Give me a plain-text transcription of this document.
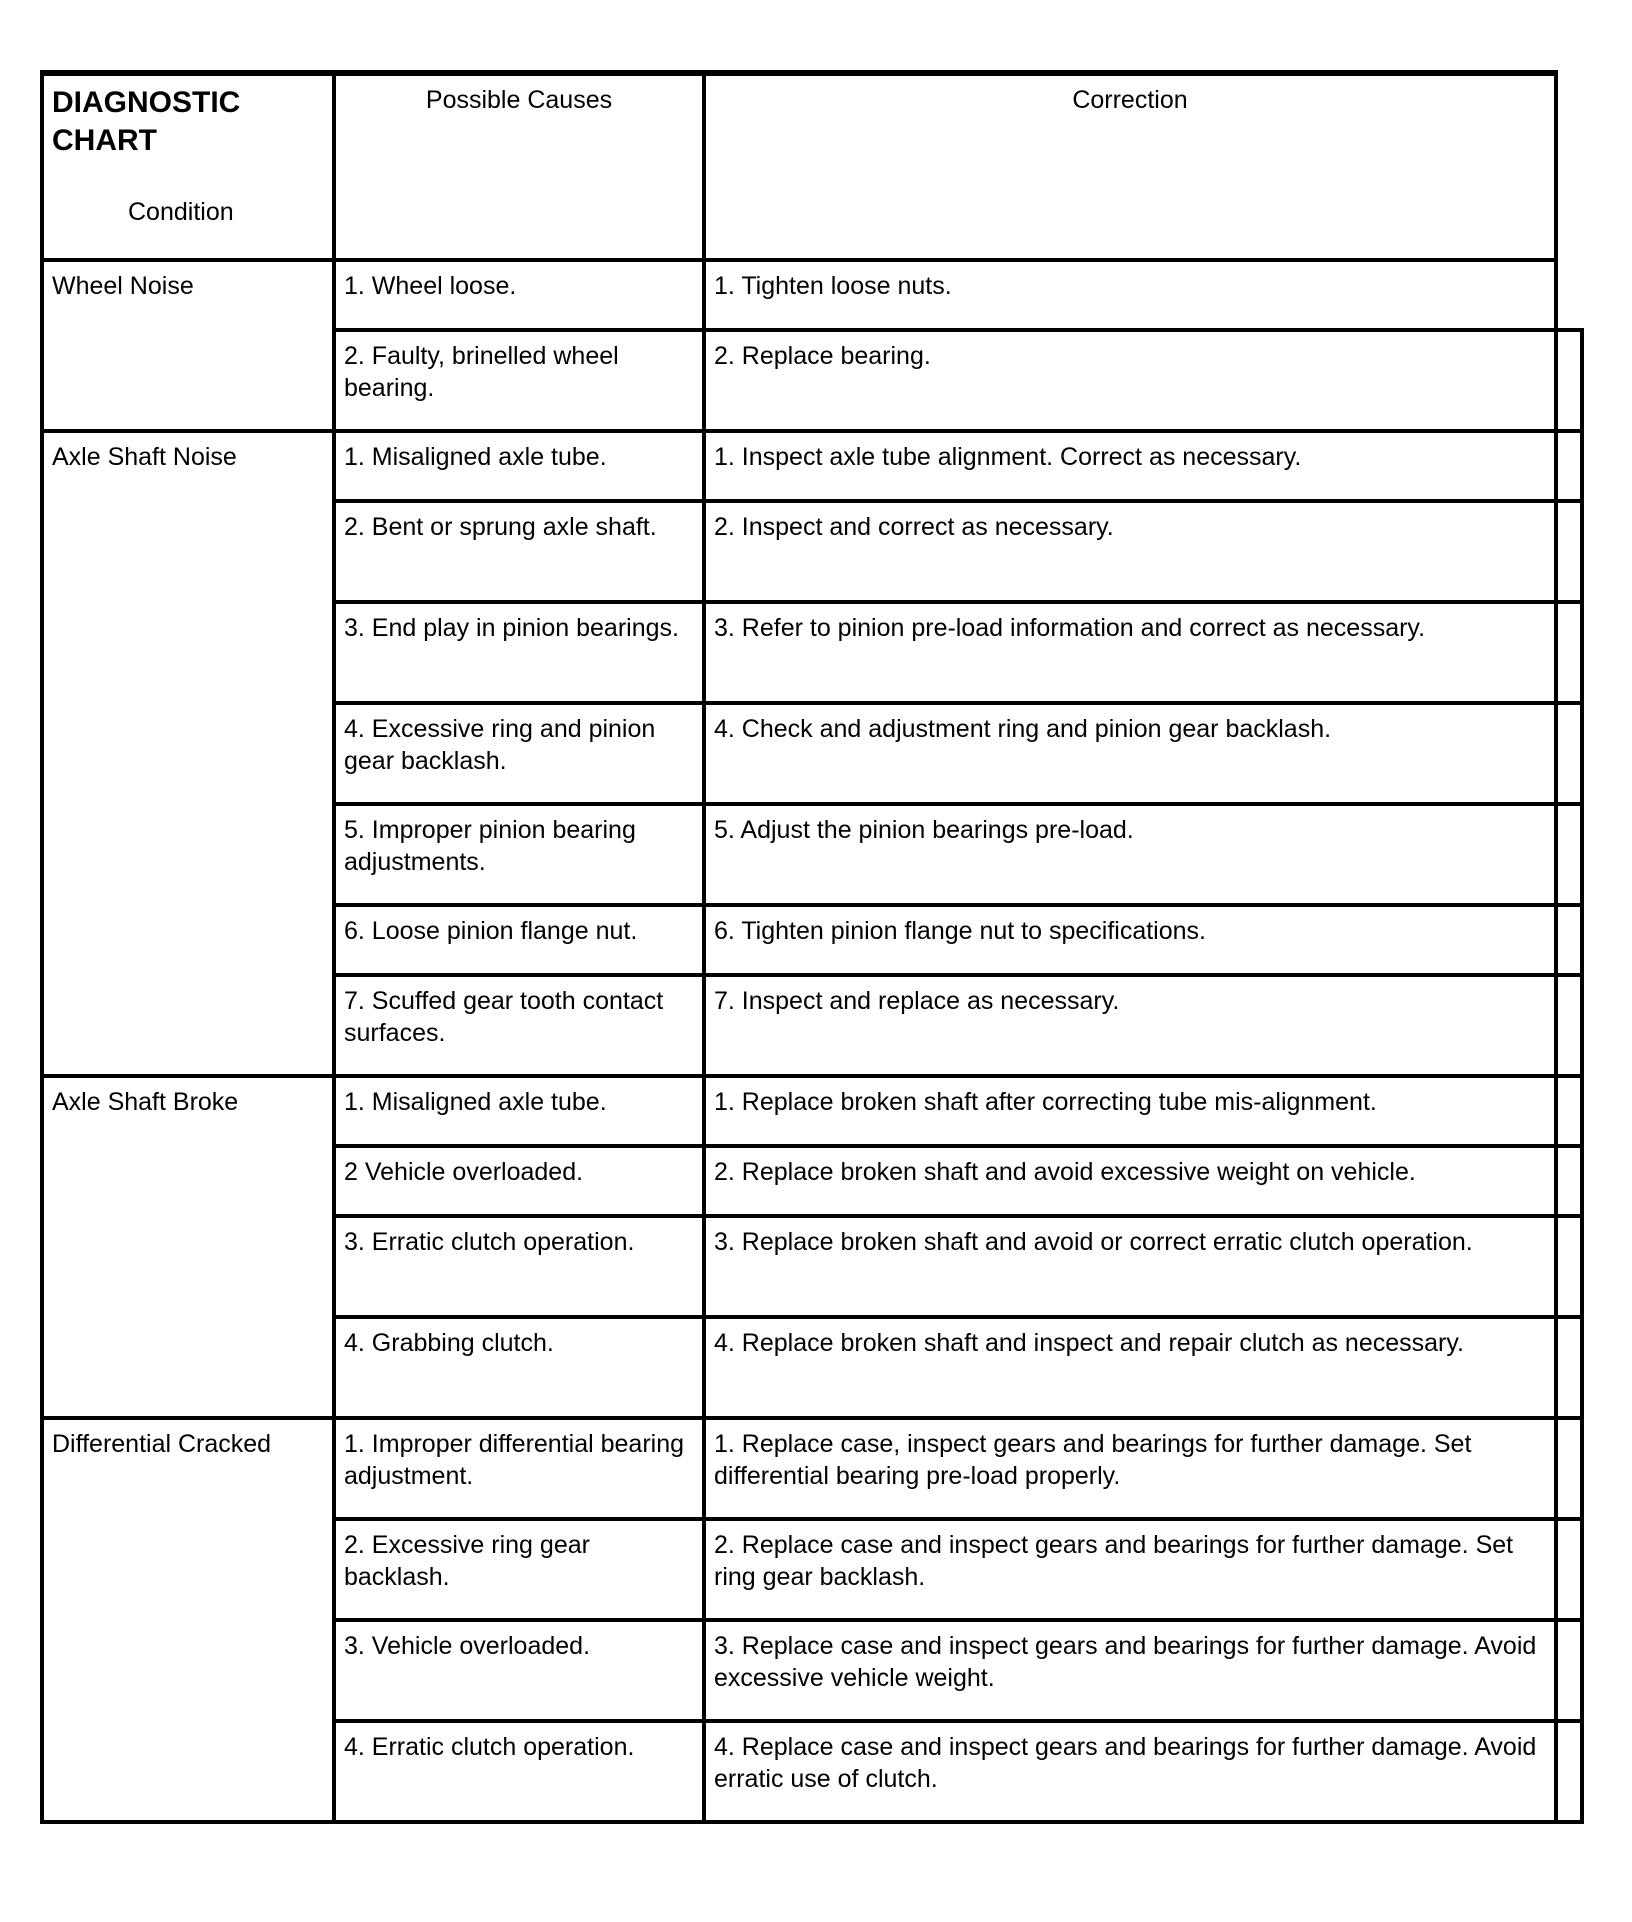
DIAGNOSTIC
CHART
Condition	Possible Causes	Correction	
Wheel Noise	1. Wheel loose.	1. Tighten loose nuts.	
	2. Faulty, brinelled wheel bearing.	2. Replace bearing.	
Axle Shaft Noise	1. Misaligned axle tube.	1. Inspect axle tube alignment. Correct as necessary.	
	2. Bent or sprung axle shaft.	2. Inspect and correct as necessary.	
	3. End play in pinion bearings.	3. Refer to pinion pre-load information and correct as necessary.	
	4. Excessive ring and pinion gear backlash.	4. Check and adjustment ring and pinion gear backlash.	
	5. Improper pinion bearing adjustments.	5. Adjust the pinion bearings pre-load.	
	6. Loose pinion flange nut.	6. Tighten pinion flange nut to specifications.	
	7. Scuffed gear tooth contact surfaces.	7. Inspect and replace as necessary.	
Axle Shaft Broke	1. Misaligned axle tube.	1. Replace broken shaft after correcting tube mis-alignment.	
	2 Vehicle overloaded.	2. Replace broken shaft and avoid excessive weight on vehicle.	
	3. Erratic clutch operation.	3. Replace broken shaft and avoid or correct erratic clutch operation.	
	4. Grabbing clutch.	4. Replace broken shaft and inspect and repair clutch as necessary.	
Differential Cracked	1. Improper differential bearing adjustment.	1. Replace case, inspect gears and bearings for further damage. Set differential bearing pre-load properly.	
	2. Excessive ring gear backlash.	2. Replace case and inspect gears and bearings for further damage. Set ring gear backlash.	
	3. Vehicle overloaded.	3. Replace case and inspect gears and bearings for further damage. Avoid excessive vehicle weight.	
	4. Erratic clutch operation.	4. Replace case and inspect gears and bearings for further damage. Avoid erratic use of clutch.	
